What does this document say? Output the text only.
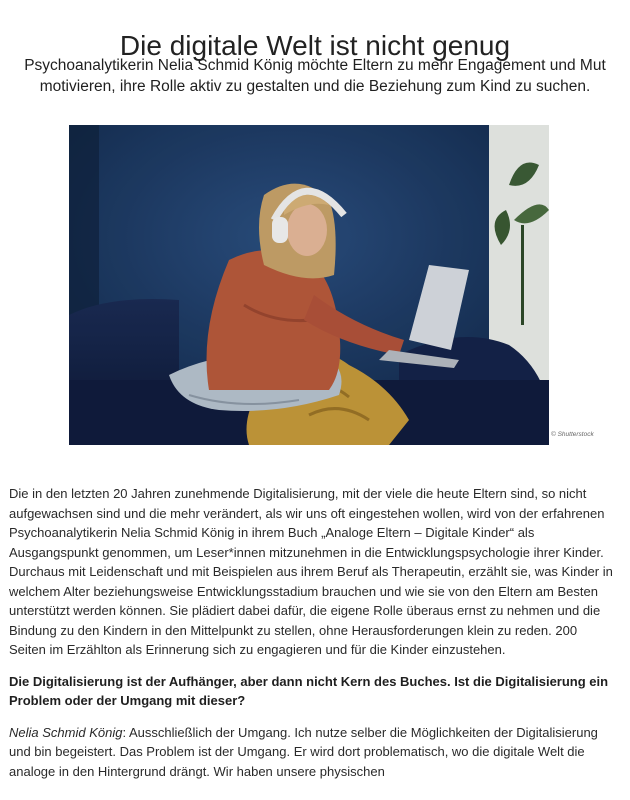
Die digitale Welt ist nicht genug
Psychoanalytikerin Nelia Schmid König möchte Eltern zu mehr Engagement und Mut motivieren, ihre Rolle aktiv zu gestalten und die Beziehung zum Kind zu suchen.
© Shutterstock

Die in den letzten 20 Jahren zunehmende Digitalisierung, mit der viele die heute Eltern sind, so nicht aufgewachsen sind und die mehr verändert, als wir uns oft eingestehen wollen, wird von der erfahrenen Psychoanalytikerin Nelia Schmid König in ihrem Buch „Analoge Eltern – Digitale Kinder“ als Ausgangspunkt genommen, um Leser*innen mitzunehmen in die Entwicklungspsychologie ihrer Kinder. Durchaus mit Leidenschaft und mit Beispielen aus ihrem Beruf als Therapeutin, erzählt sie, was Kinder in welchem Alter beziehungsweise Entwicklungsstadium brauchen und wie sie von den Eltern am Besten unterstützt werden können. Sie plädiert dabei dafür, die eigene Rolle überaus ernst zu nehmen und die Bindung zu den Kindern in den Mittelpunkt zu stellen, ohne Herausforderungen klein zu reden. 200 Seiten im Erzählton als Erinnerung sich zu engagieren und für die Kinder einzustehen.

Die Digitalisierung ist der Aufhänger, aber dann nicht Kern des Buches. Ist die Digitalisierung ein Problem oder der Umgang mit dieser?

Nelia Schmid König: Ausschließlich der Umgang. Ich nutze selber die Möglichkeiten der Digitalisierung und bin begeistert. Das Problem ist der Umgang. Er wird dort problematisch, wo die digitale Welt die analoge in den Hintergrund drängt. Wir haben unsere physischen
